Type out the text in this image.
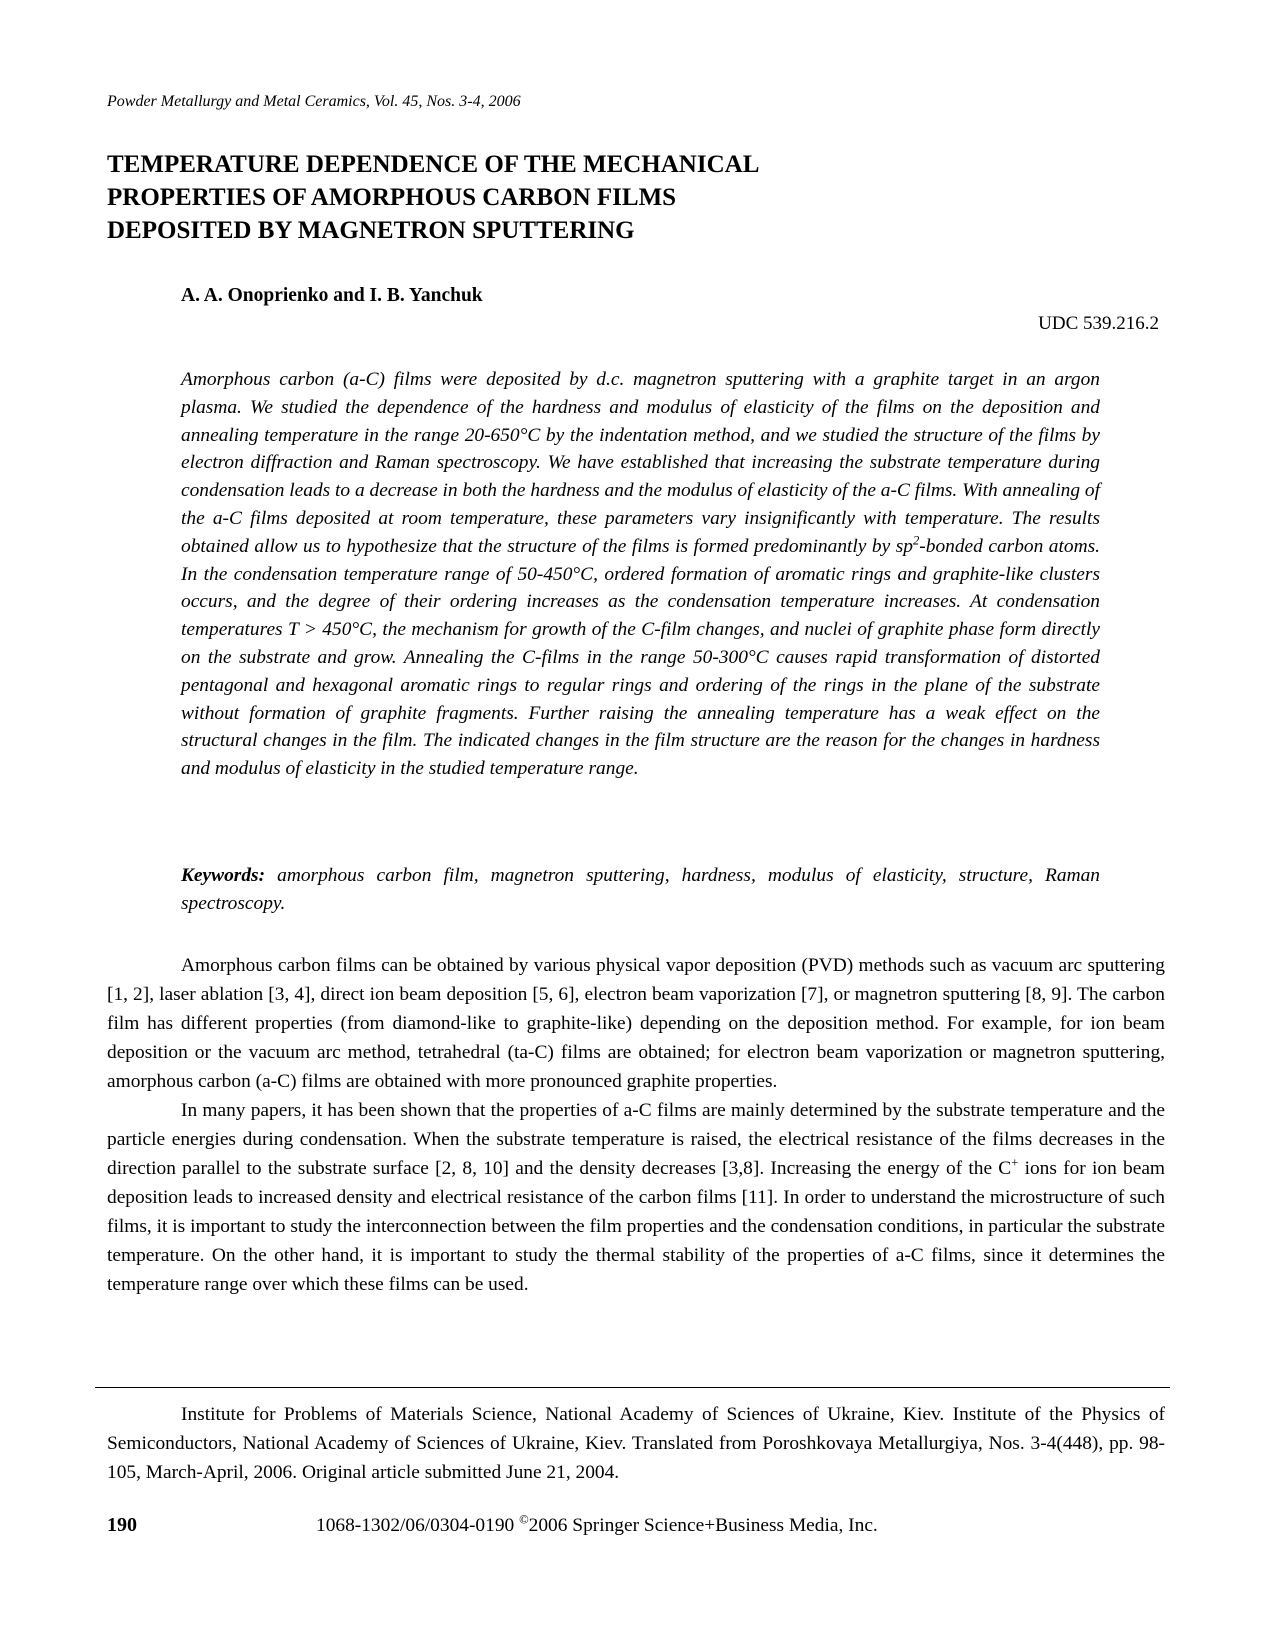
Powder Metallurgy and Metal Ceramics, Vol. 45, Nos. 3-4, 2006
TEMPERATURE DEPENDENCE OF THE MECHANICAL
PROPERTIES OF AMORPHOUS CARBON FILMS
DEPOSITED BY MAGNETRON SPUTTERING
A. A. Onoprienko and I. B. Yanchuk
UDC 539.216.2

Amorphous carbon (a-C) films were deposited by d.c. magnetron sputtering with a graphite target in an argon plasma. We studied the dependence of the hardness and modulus of elasticity of the films on the deposition and annealing temperature in the range 20-650°C by the indentation method, and we studied the structure of the films by electron diffraction and Raman spectroscopy. We have established that increasing the substrate temperature during condensation leads to a decrease in both the hardness and the modulus of elasticity of the a-C films. With annealing of the a-C films deposited at room temperature, these parameters vary insignificantly with temperature. The results obtained allow us to hypothesize that the structure of the films is formed predominantly by $sp^2$-bonded carbon atoms. In the condensation temperature range of 50-450°C, ordered formation of aromatic rings and graphite-like clusters occurs, and the degree of their ordering increases as the condensation temperature increases. At condensation temperatures T > 450°C, the mechanism for growth of the C-film changes, and nuclei of graphite phase form directly on the substrate and grow. Annealing the C-films in the range 50-300°C causes rapid transformation of distorted pentagonal and hexagonal aromatic rings to regular rings and ordering of the rings in the plane of the substrate without formation of graphite fragments. Further raising the annealing temperature has a weak effect on the structural changes in the film. The indicated changes in the film structure are the reason for the changes in hardness and modulus of elasticity in the studied temperature range.

Keywords: amorphous carbon film, magnetron sputtering, hardness, modulus of elasticity, structure, Raman spectroscopy.

Amorphous carbon films can be obtained by various physical vapor deposition (PVD) methods such as vacuum arc sputtering [1, 2], laser ablation [3, 4], direct ion beam deposition [5, 6], electron beam vaporization [7], or magnetron sputtering [8, 9]. The carbon film has different properties (from diamond-like to graphite-like) depending on the deposition method. For example, for ion beam deposition or the vacuum arc method, tetrahedral (ta-C) films are obtained; for electron beam vaporization or magnetron sputtering, amorphous carbon (a-C) films are obtained with more pronounced graphite properties.

In many papers, it has been shown that the properties of a-C films are mainly determined by the substrate temperature and the particle energies during condensation. When the substrate temperature is raised, the electrical resistance of the films decreases in the direction parallel to the substrate surface [2, 8, 10] and the density decreases [3,8]. Increasing the energy of the C+ ions for ion beam deposition leads to increased density and electrical resistance of the carbon films [11]. In order to understand the microstructure of such films, it is important to study the interconnection between the film properties and the condensation conditions, in particular the substrate temperature. On the other hand, it is important to study the thermal stability of the properties of a-C films, since it determines the temperature range over which these films can be used.

Institute for Problems of Materials Science, National Academy of Sciences of Ukraine, Kiev. Institute of the Physics of Semiconductors, National Academy of Sciences of Ukraine, Kiev. Translated from Poroshkovaya Metallurgiya, Nos. 3-4(448), pp. 98-105, March-April, 2006. Original article submitted June 21, 2004.

190	1068-1302/06/0304-0190 ©2006 Springer Science+Business Media, Inc.
